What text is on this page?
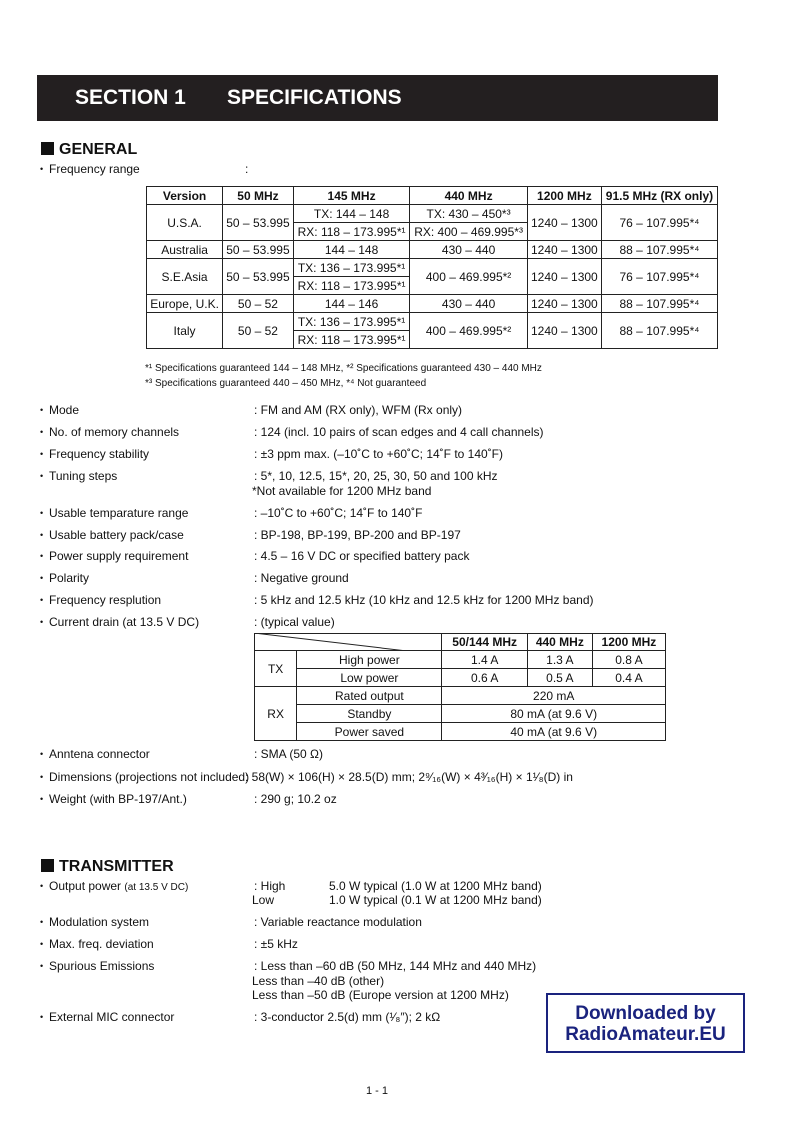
SECTION 1 SPECIFICATIONS
GENERAL
• Frequency range	:
Version	50 MHz	145 MHz	440 MHz	1200 MHz	91.5 MHz (RX only)
U.S.A.	50 – 53.995	TX: 144 – 148	TX: 430 – 450*³	1240 – 1300	76 – 107.995*⁴
		RX: 118 – 173.995*¹	RX: 400 – 469.995*³		
Australia	50 – 53.995	144 – 148	430 – 440	1240 – 1300	88 – 107.995*⁴
S.E.Asia	50 – 53.995	TX: 136 – 173.995*¹	400 – 469.995*²	1240 – 1300	76 – 107.995*⁴
		RX: 118 – 173.995*¹			
Europe, U.K.	50 – 52	144 – 146	430 – 440	1240 – 1300	88 – 107.995*⁴
Italy	50 – 52	TX: 136 – 173.995*¹	400 – 469.995*²	1240 – 1300	88 – 107.995*⁴
		RX: 118 – 173.995*¹			
*¹ Specifications guaranteed 144 – 148 MHz, *² Specifications guaranteed 430 – 440 MHz
*³ Specifications guaranteed 440 – 450 MHz, *⁴ Not guaranteed
• Mode	: FM and AM (RX only), WFM (Rx only)
• No. of memory channels	: 124 (incl. 10 pairs of scan edges and 4 call channels)
• Frequency stability	: ±3 ppm max. (–10˚C to +60˚C; 14˚F to 140˚F)
• Tuning steps	: 5*, 10, 12.5, 15*, 20, 25, 30, 50 and 100 kHz
*Not available for 1200 MHz band
• Usable temparature range	: –10˚C to +60˚C; 14˚F to 140˚F
• Usable battery pack/case	: BP-198, BP-199, BP-200 and BP-197
• Power supply requirement	: 4.5 – 16 V DC or specified battery pack
• Polarity	: Negative ground
• Frequency resplution	: 5 kHz and 12.5 kHz (10 kHz and 12.5 kHz for 1200 MHz band)
• Current drain (at 13.5 V DC)	: (typical value)
		50/144 MHz	440 MHz	1200 MHz
TX	High power	1.4 A	1.3 A	0.8 A
	Low power	0.6 A	0.5 A	0.4 A
RX	Rated output	220 mA		
	Standby	80 mA (at 9.6 V)		
	Power saved	40 mA (at 9.6 V)		
• Anntena connector	: SMA (50 Ω)
• Dimensions (projections not included)
: 58(W) × 106(H) × 28.5(D) mm; 2⁹⁄₁₆(W) × 4³⁄₁₆(H) × 1¹⁄₈(D) in
• Weight (with BP-197/Ant.)	: 290 g; 10.2 oz
TRANSMITTER
• Output power (at 13.5 V DC)	: High	5.0 W typical (1.0 W at 1200 MHz band)
Low	1.0 W typical (0.1 W at 1200 MHz band)
• Modulation system	: Variable reactance modulation
• Max. freq. deviation	: ±5 kHz
• Spurious Emissions	: Less than –60 dB (50 MHz, 144 MHz and 440 MHz)
Less than –40 dB (other)
Less than –50 dB (Europe version at 1200 MHz)
• External MIC connector	: 3-conductor 2.5(d) mm (¹⁄₈″); 2 kΩ	Downloaded by
RadioAmateur.EU
1 - 1
